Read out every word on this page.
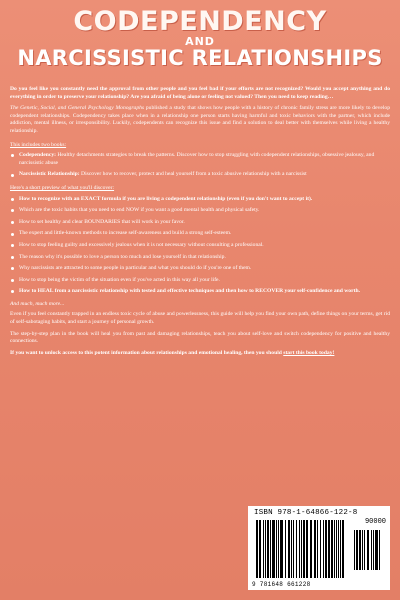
CODEPENDENCY
AND
NARCISSISTIC RELATIONSHIPS

Do you feel like you constantly need the approval from other people and you feel bad if your efforts are not recognized? Would you accept anything and do everything in order to preserve your relationship? Are you afraid of being alone or feeling not valued? Then you need to keep reading…

The Genetic, Social, and General Psychology Monographs published a study that shows how people with a history of chronic family stress are more likely to develop codependent relationships. Codependency takes place when in a relationship one person starts having harmful and toxic behaviors with the partner, which include addiction, mental illness, or irresponsibility. Luckily, codependents can recognize this issue and find a solution to deal better with themselves while living a healthy relationship.

This includes two books:
Codependency: Healthy detachments strategies to break the patterns. Discover how to stop struggling with codependent relationships, obsessive jealousy, and narcissistic abuse
Narcissistic Relationship: Discover how to recover, protect and heal yourself from a toxic abusive relationship with a narcissist
Here's a short preview of what you'll discover:
How to recognize with an EXACT formula if you are living a codependent relationship (even if you don't want to accept it).
Which are the toxic habits that you need to end NOW if you want a good mental health and physical safety.
How to set healthy and clear BOUNDARIES that will work in your favor.
The expert and little-known methods to increase self-awareness and build a strong self-esteem.
How to stop feeling guilty and excessively jealous when it is not necessary without consulting a professional.
The reason why it's possible to love a person too much and lose yourself in that relationship.
Why narcissists are attracted to some people in particular and what you should do if you're one of them.
How to stop being the victim of the situation even if you've acted in this way all your life.
How to HEAL from a narcissistic relationship with tested and effective techniques and then how to RECOVER your self-confidence and worth.
And much, much more...

Even if you feel constantly trapped in an endless toxic cycle of abuse and powerlessness, this guide will help you find your own path, define things on your terms, get rid of self-sabotaging habits, and start a journey of personal growth.

The step-by-step plan in the book will heal you from past and damaging relationships, teach you about self-love and switch codependency for positive and healthy connections.

If you want to unlock access to this potent information about relationships and emotional healing, then you should start this book today!

ISBN 978-1-64866-122-8
90000
9 781648 661228
